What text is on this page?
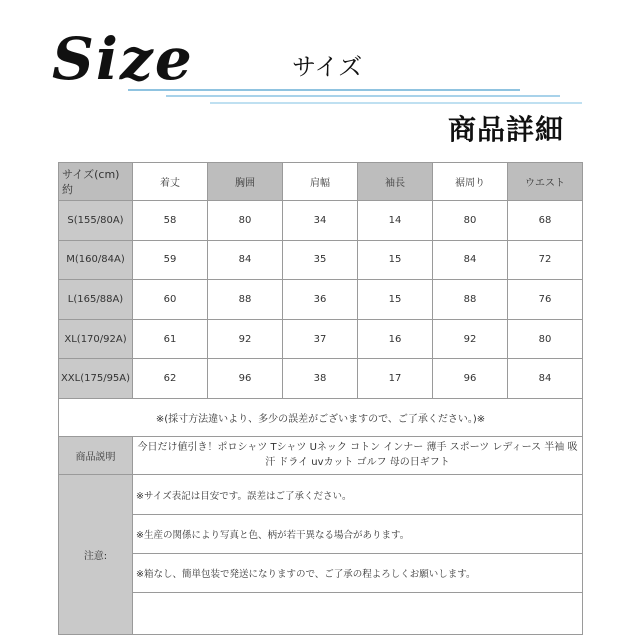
Size	サイズ
商品詳細
サイズ(cm)
約	着丈	胸囲	肩幅	袖長	裾周り	ウエスト
S(155/80A)	58	80	34	14	80	68
M(160/84A)	59	84	35	15	84	72
L(165/88A)	60	88	36	15	88	76
XL(170/92A)	61	92	37	16	92	80
XXL(175/95A)	62	96	38	17	96	84
※(採寸方法違いより、多少の誤差がございますので、ご了承ください。)※						
商品説明	今日だけ値引き！ポロシャツ Tシャツ Uネック コトン インナー 薄手 スポーツ レディース 半袖 吸汗 ドライ uvカット ゴルフ 母の日ギフト					
注意:	※サイズ表記は目安です。誤差はご了承ください。
※生産の関係により写真と色、柄が若干異なる場合があります。
※箱なし、簡単包装で発送になりますので、ご了承の程よろしくお願いします。					
